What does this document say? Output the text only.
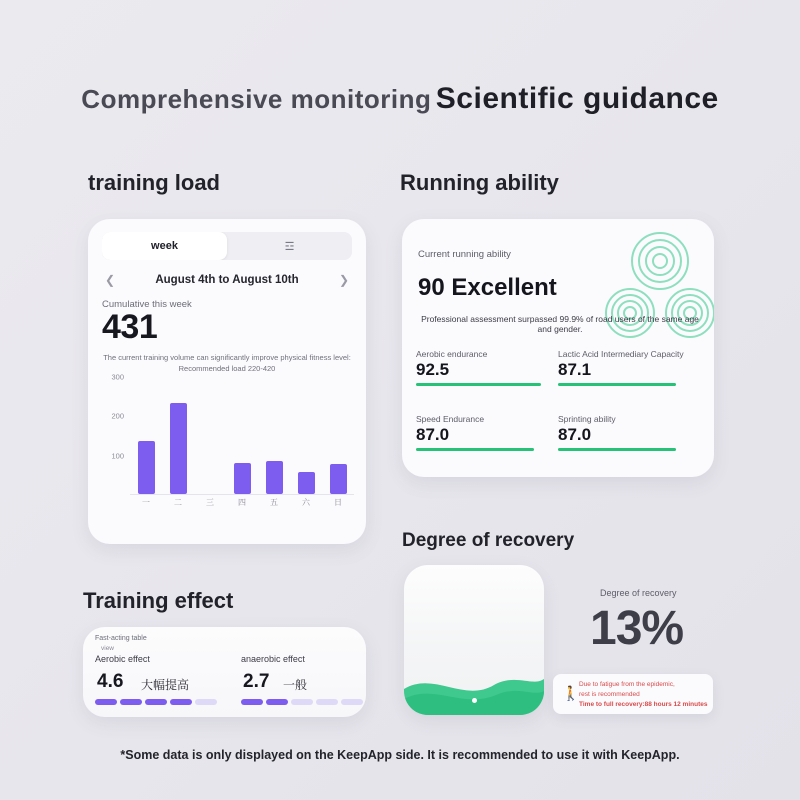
Comprehensive monitoring Scientific guidance
training load	Running ability
Degree of recovery
Training effect
week	☲
❮	August 4th to August 10th	❯
Cumulative this week
431
The current training volume can significantly improve physical fitness level:
Recommended load 220-420
100
200
300
一	二	三	四	五	六	日
Current running ability
90 Excellent
Professional assessment surpassed 99.9% of road users of the same age and gender.
Aerobic endurance
92.5
Lactic Acid Intermediary Capacity
87.1
Speed Endurance
87.0
Sprinting ability
87.0
Degree of recovery
13%
🚶
Due to fatigue from the epidemic,
rest is recommended
Time to full recovery:88 hours 12 minutes
Fast-acting table
view
Aerobic effect	anaerobic effect
4.6 大幅提高	2.7 一般
*Some data is only displayed on the KeepApp side. It is recommended to use it with KeepApp.
